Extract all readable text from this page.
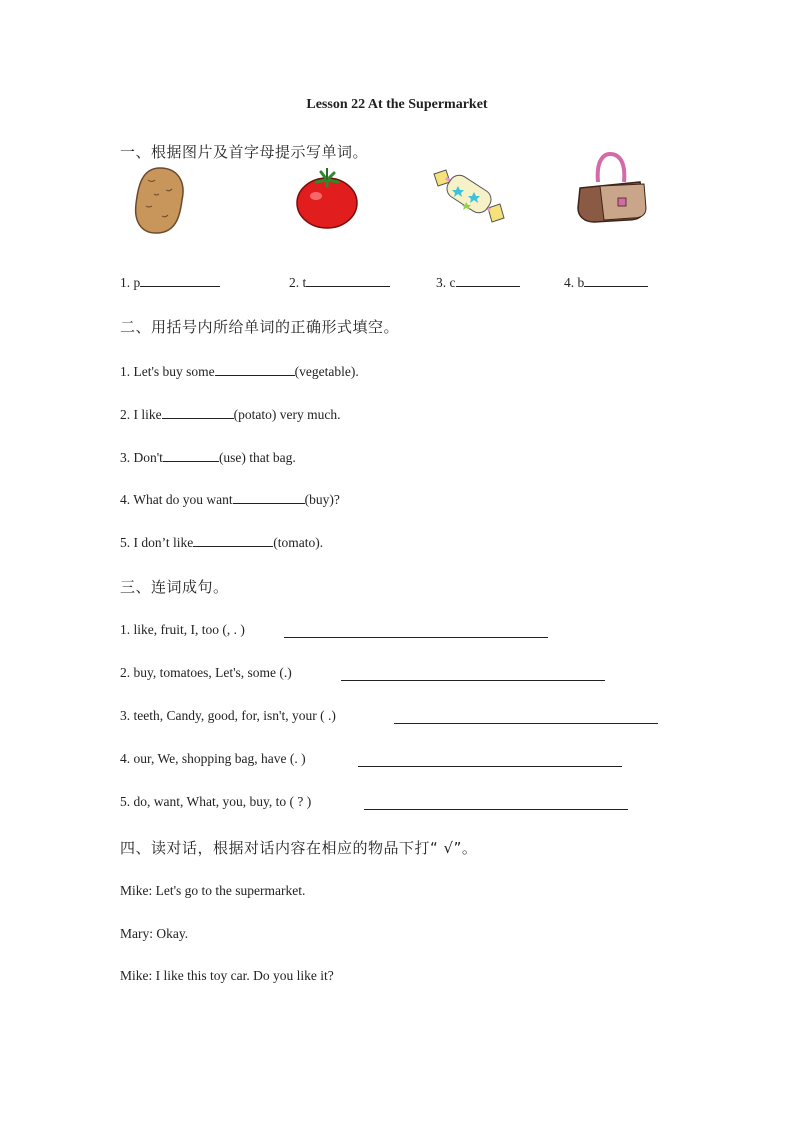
Lesson 22 At the Supermarket
一、根据图片及首字母提示写单词。
1. p	2. t	3. c	4. b
二、用括号内所给单词的正确形式填空。
1. Let's buy some	(vegetable).
2. I like	(potato) very much.
3. Don't	(use) that bag.
4. What do you want	(buy)?
5. I don’t like	(tomato).
三、连词成句。
1. like, fruit, I, too (, . )
2. buy, tomatoes, Let's, some (.)
3. teeth, Candy, good, for, isn't, your ( .)
4. our, We, shopping bag, have (. )
5. do, want, What, you, buy, to ( ? )
四、读对话，根据对话内容在相应的物品下打“ √”。
Mike: Let's go to the supermarket.
Mary: Okay.
Mike: I like this toy car. Do you like it?
